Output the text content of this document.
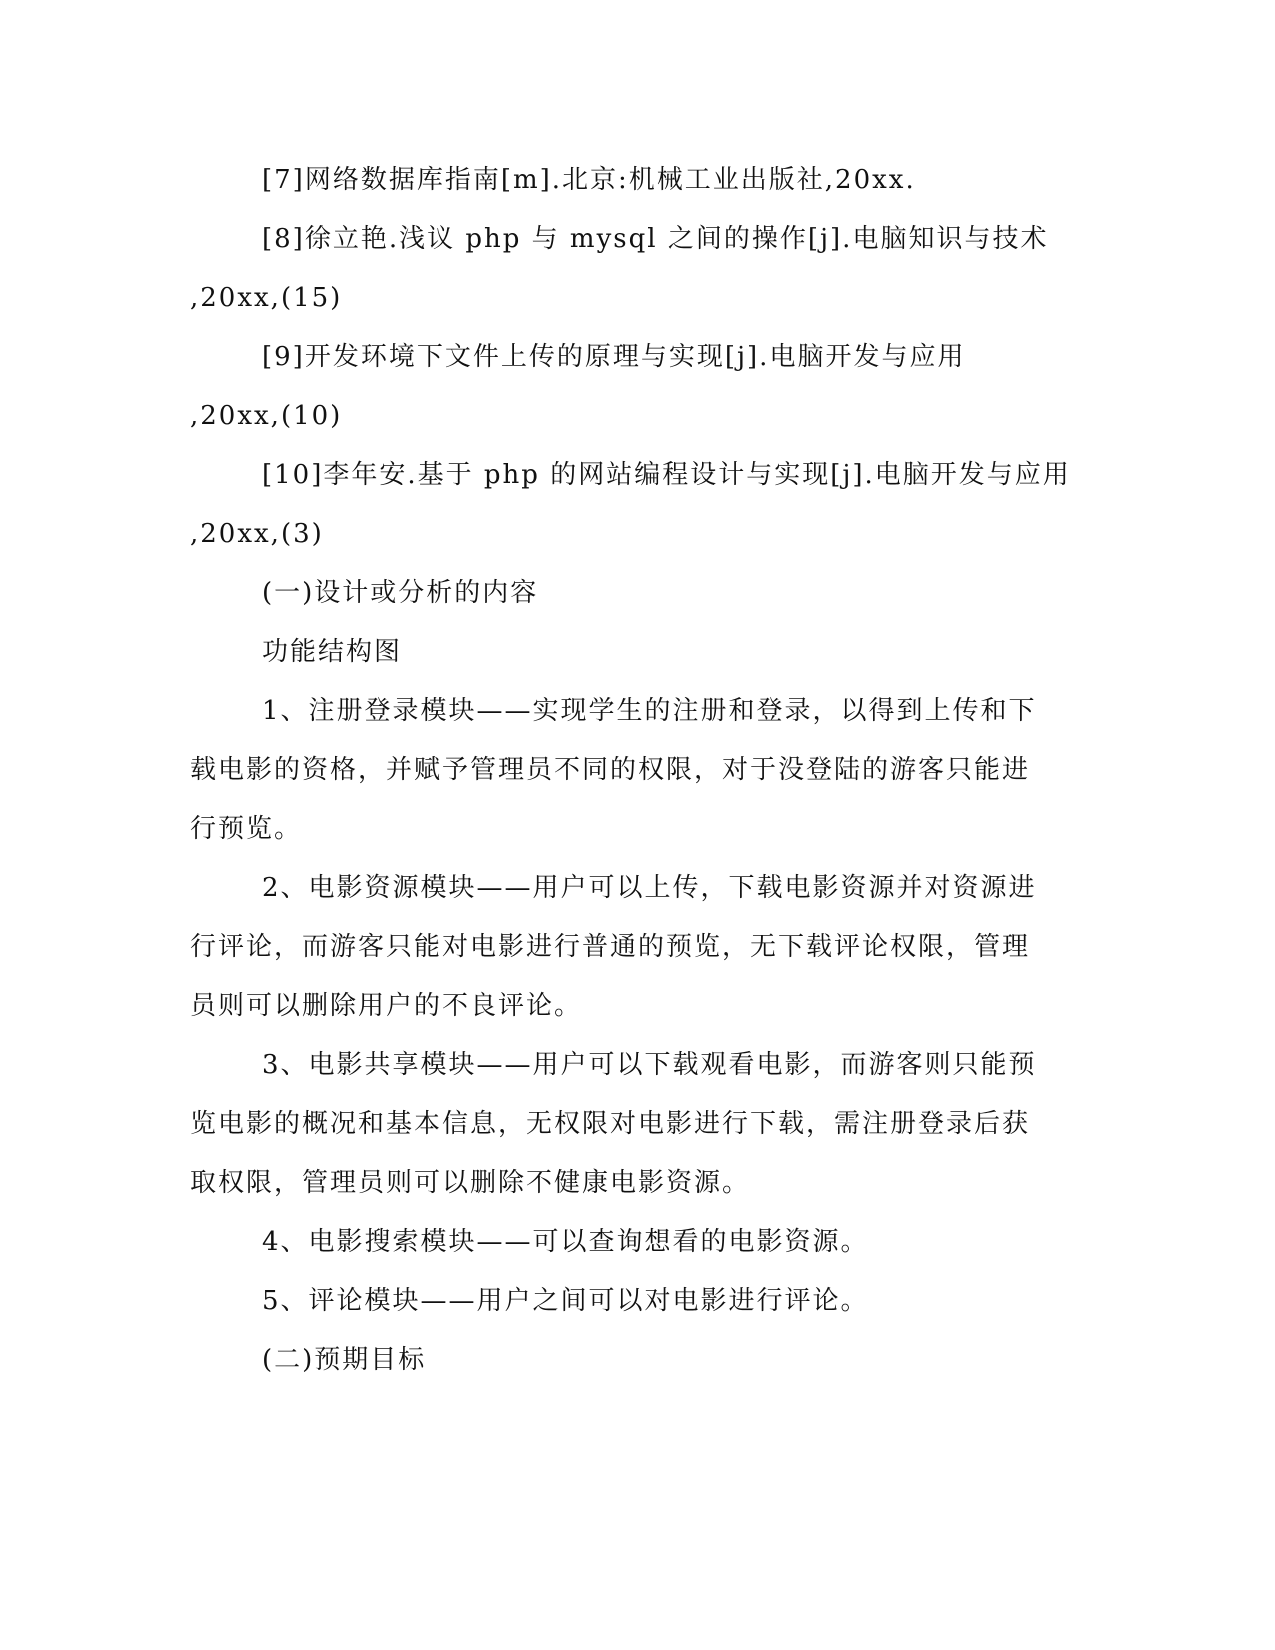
[7]网络数据库指南[m].北京:机械工业出版社,20xx.
[8]徐立艳.浅议 php 与 mysql 之间的操作[j].电脑知识与技术
,20xx,(15)
[9]开发环境下文件上传的原理与实现[j].电脑开发与应用
,20xx,(10)
[10]李年安.基于 php 的网站编程设计与实现[j].电脑开发与应用
,20xx,(3)
(一)设计或分析的内容
功能结构图
1、注册登录模块——实现学生的注册和登录，以得到上传和下
载电影的资格，并赋予管理员不同的权限，对于没登陆的游客只能进
行预览。
2、电影资源模块——用户可以上传，下载电影资源并对资源进
行评论，而游客只能对电影进行普通的预览，无下载评论权限，管理
员则可以删除用户的不良评论。
3、电影共享模块——用户可以下载观看电影，而游客则只能预
览电影的概况和基本信息，无权限对电影进行下载，需注册登录后获
取权限，管理员则可以删除不健康电影资源。
4、电影搜索模块——可以查询想看的电影资源。
5、评论模块——用户之间可以对电影进行评论。
(二)预期目标
